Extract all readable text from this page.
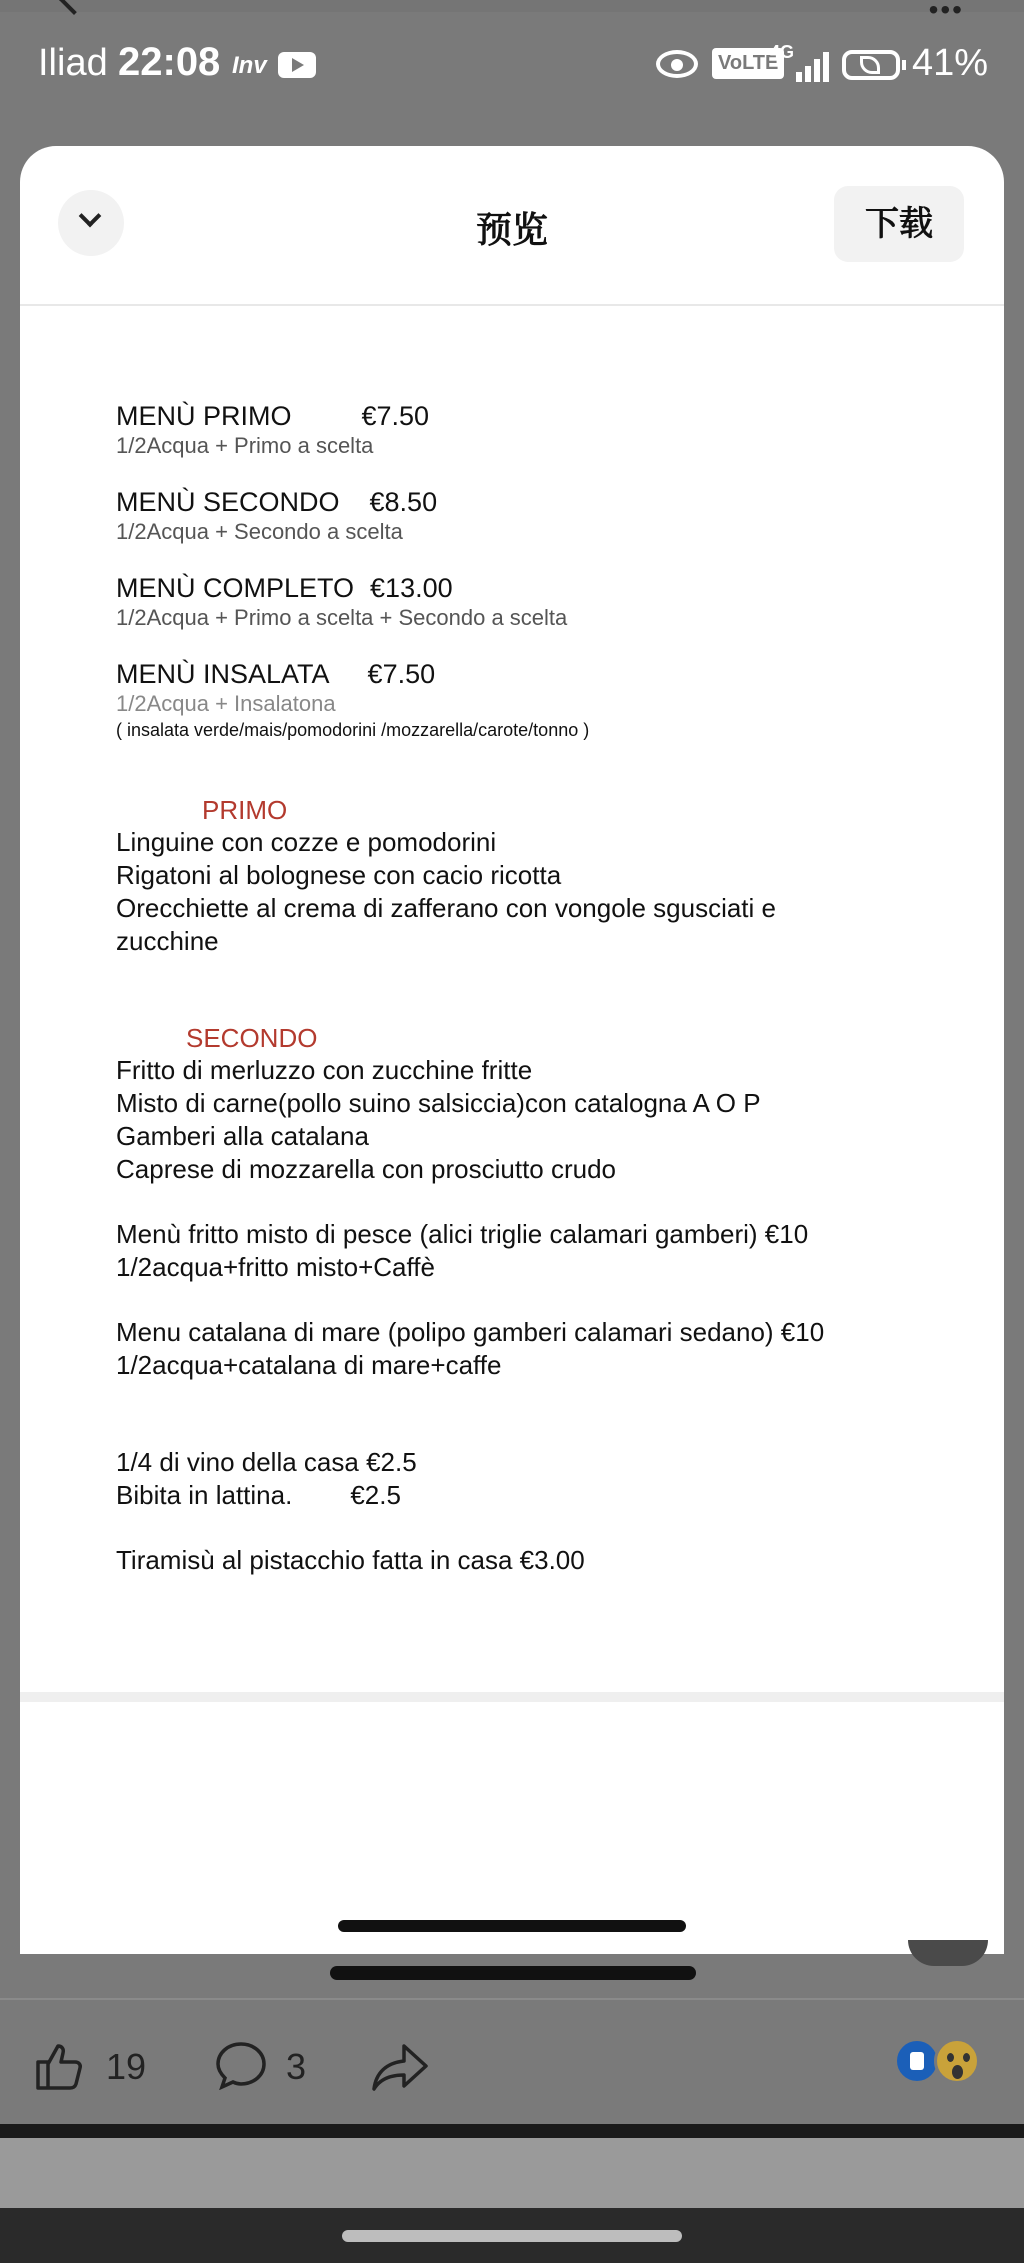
•••
Iliad 22:08 Inv	VoLTE
4G	41%
预览	下载
MENÙ PRIMO	€7.50
1/2Acqua + Primo a scelta
MENÙ SECONDO €8.50
1/2Acqua + Secondo a scelta
MENÙ COMPLETO €13.00
1/2Acqua + Primo a scelta + Secondo a scelta
MENÙ INSALATA €7.50
1/2Acqua + Insalatona
( insalata verde/mais/pomodorini /mozzarella/carote/tonno )
PRIMO
Linguine con cozze e pomodorini
Rigatoni al bolognese con cacio ricotta
Orecchiette al crema di zafferano con vongole sgusciati e
zucchine
SECONDO
Fritto di merluzzo con zucchine fritte
Misto di carne(pollo suino salsiccia)con catalogna A O P
Gamberi alla catalana
Caprese di mozzarella con prosciutto crudo
Menù fritto misto di pesce (alici triglie calamari gamberi) €10
1/2acqua+fritto misto+Caffè
Menu catalana di mare (polipo gamberi calamari sedano) €10
1/2acqua+catalana di mare+caffe
1/4 di vino della casa €2.5
Bibita in lattina. €2.5
Tiramisù al pistacchio fatta in casa €3.00
19	3
